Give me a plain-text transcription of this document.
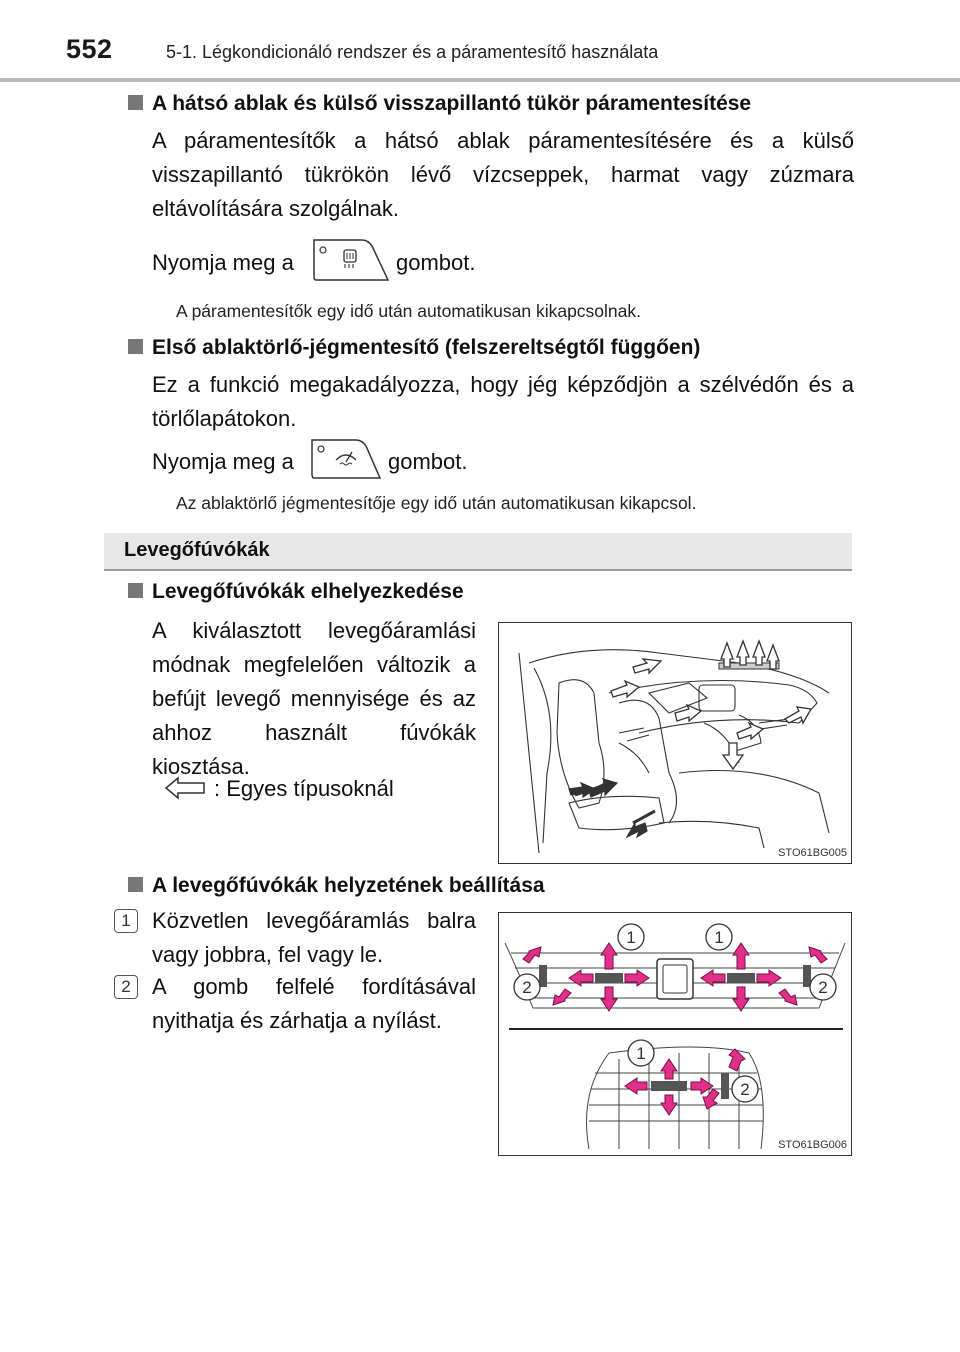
552	5-1. Légkondicionáló rendszer és a páramentesítő használata
A hátsó ablak és külső visszapillantó tükör páramentesítése
A páramentesítők a hátsó ablak páramentesítésére és a külső visszapillantó tükrökön lévő vízcseppek, harmat vagy zúzmara eltávolítására szolgálnak.
Nyomja meg a	gombot.
A páramentesítők egy idő után automatikusan kikapcsolnak.
Első ablaktörlő-jégmentesítő (felszereltségtől függően)
Ez a funkció megakadályozza, hogy jég képződjön a szélvédőn és a törlőlapátokon.
Nyomja meg a	gombot.
Az ablaktörlő jégmentesítője egy idő után automatikusan kikapcsol.
Levegőfúvókák
Levegőfúvókák elhelyezkedése
A kiválasztott levegőáramlási módnak megfelelően változik a befújt levegő mennyisége és az ahhoz használt fúvókák kiosztása.
: Egyes típusoknál
STO61BG005
A levegőfúvókák helyzetének beállítása
1 Közvetlen levegőáramlás balra vagy jobbra, fel vagy le.
2 A gomb felfelé fordításával nyithatja és zárhatja a nyílást.
1	1
2	2
1
2
STO61BG006
